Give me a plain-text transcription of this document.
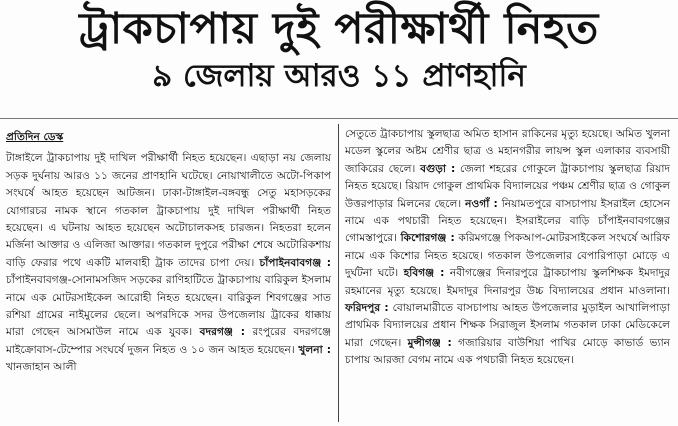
ট্রাকচাপায় দুই পরীক্ষার্থী নিহত
৯ জেলায় আরও ১১ প্রাণহানি
প্রতিদিন ডেস্ক

টাঙ্গাইলে ট্রাকচাপায় দুই দাখিল পরীক্ষার্থী নিহত হয়েছেন। এছাড়া নয় জেলায় সড়ক দুর্ঘনায় আরও ১১ জনের প্রাণহানি ঘটেছে। নোয়াখালীতে অটো-পিকাপ সংঘর্ষে আহত হয়েছেন আটজন। ঢাকা-টাঙ্গাইল-বঙ্গবন্ধু সেতু মহাসড়কের যোগারচর নামক স্থানে গতকাল ট্রাকচাপায় দুই দাখিল পরীক্ষার্থী নিহত হয়েছেন। এ ঘটনায় আহত হয়েছেন অটোচালকসহ চারজন। নিহতরা হলেন মর্জিনা আক্তার ও এলিজা আক্তার। গতকাল দুপুরে পরীক্ষা শেষে অটোরিকশায় বাড়ি ফেরার পথে একটি মালবাহী ট্রাক তাদের চাপা দেয়। চাঁপাইনবাবগঞ্জ : চাঁপাইনবাবগঞ্জ-সোনামসজিদ সড়কের রাণিহাটিতে ট্রাকচাপায় বারিকুল ইসলাম নামে এক মোটরসাইকেল আরোহী নিহত হয়েছেন। বারিকুল শিবগঞ্জের সাত রশিয়া গ্রামের নাইমুলের ছেলে। অপরদিকে সদর উপজেলায় ট্রাকের ধাক্কায় মারা গেছেন আসমাউল নামে এক যুবক। বদরগঞ্জ : রংপুরের বদরগঞ্জে মাইক্রোবাস-টেম্পোর সংঘর্ষে দুজন নিহত ও ১০ জন আহত হয়েছেন। খুলনা : খানজাহান আলী

সেতুতে ট্রাকচাপায় স্কুলছাত্র অমিত হাসান রাকিনের মৃত্যু হয়েছে। অমিত খুলনা মডেল স্কুলের অষ্টম শ্রেণীর ছাত্র ও মহানগরীর লায়ন্স স্কুল এলাকার ব্যবসায়ী জাকিরের ছেলে। বগুড়া : জেলা শহরের গোকুলে ট্রাকচাপায় স্কুলছাত্র রিয়াদ নিহত হয়েছে। রিয়াদ গোকুল প্রাথমিক বিদ্যালয়ের পঞ্চম শ্রেণীর ছাত্র ও গোকুল উত্তরপাড়ার মিলনের ছেলে। নওগাঁ : নিয়ামতপুরে বাসচাপায় ইসরাইল হোসেন নামে এক পথচারী নিহত হয়েছেন। ইসরাইলের বাড়ি চাঁপাইনবাবগঞ্জের গোমস্তাপুরে। কিশোরগঞ্জ : করিমগঞ্জে পিকআপ-মোটরসাইকেল সংঘর্ষে আরিফ নামে এক কিশোর নিহত হয়েছে। গতকাল উপজেলার বেপারিপাড়া মোড়ে এ দুর্ঘটনা ঘটে। হবিগঞ্জ : নবীগঞ্জের দিনারপুরে ট্রাকচাপায় স্কুলশিক্ষক ইমদাদুর রহমানের মৃত্যু হয়েছে। ইমদাদুর দিনারপুর উচ্চ বিদ্যালয়ের প্রধান মাওলানা। ফরিদপুর : বোয়ালমারীতে বাসচাপায় আহত উপজেলার মুড়াইল আখালিপাড়া প্রাথমিক বিদ্যালয়ের প্রধান শিক্ষক সিরাজুল ইসলাম গতকাল ঢাকা মেডিকেলে মারা গেছেন। মুন্সীগঞ্জ : গজারিয়ার বাউশিয়া পাখির মোড়ে কাভার্ড ভ্যান চাপায় আরজা বেগম নামে এক পথচারী নিহত হয়েছেন।
